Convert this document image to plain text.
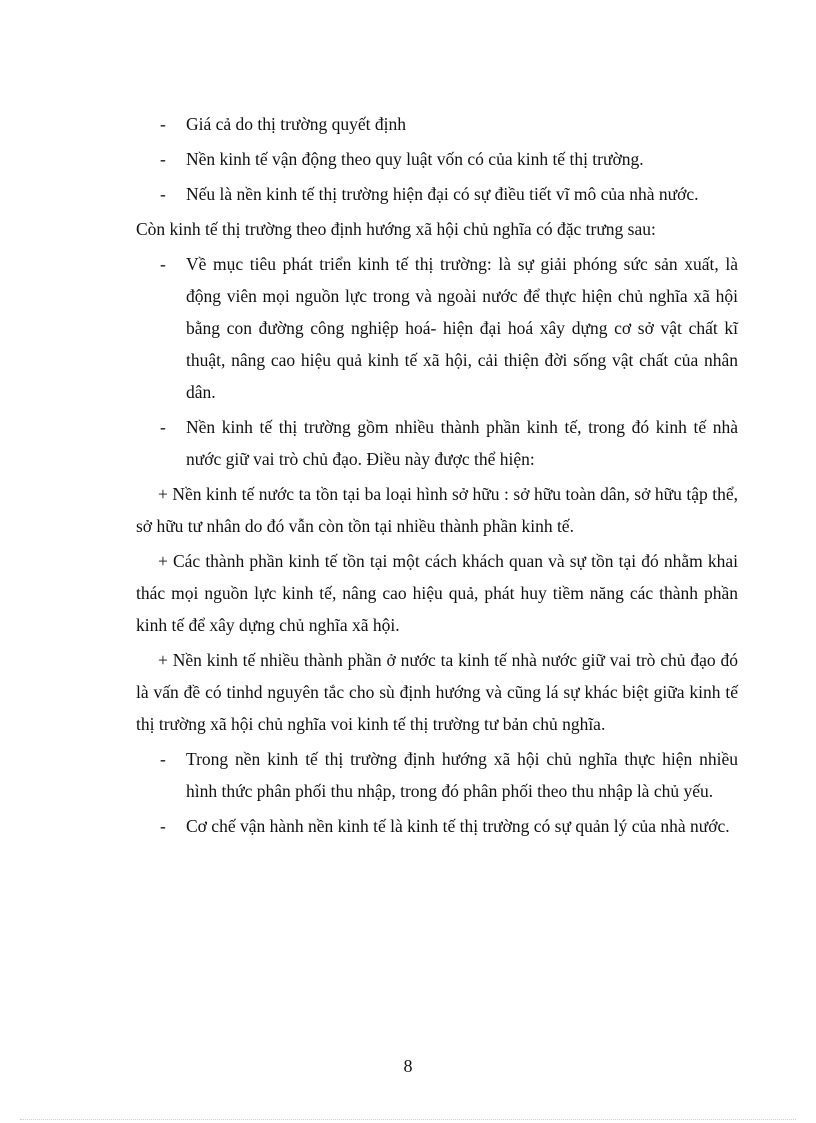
- Giá cả do thị trường quyết định
- Nền kinh tế vận động theo quy luật vốn có của kinh tế thị trường.
- Nếu là nền kinh tế thị trường hiện đại có sự điều tiết vĩ mô của nhà nước.
Còn kinh tế thị trường theo định hướng xã hội chủ nghĩa có đặc trưng sau:
- Về mục tiêu phát triển kinh tế thị trường: là sự giải phóng sức sản xuất, là động viên mọi nguồn lực trong và ngoài nước để thực hiện chủ nghĩa xã hội bằng con đường công nghiệp hoá- hiện đại hoá xây dựng cơ sở vật chất kĩ thuật, nâng cao hiệu quả kinh tế xã hội, cải thiện đời sống vật chất của nhân dân.
- Nền kinh tế thị trường gồm nhiều thành phần kinh tế, trong đó kinh tế nhà nước giữ vai trò chủ đạo. Điều này được thể hiện:
+ Nền kinh tế nước ta tồn tại ba loại hình sở hữu : sở hữu toàn dân, sở hữu tập thể, sở hữu tư nhân do đó vẫn còn tồn tại nhiều thành phần kinh tế.
+ Các thành phần kinh tế tồn tại một cách khách quan và sự tồn tại đó nhằm khai thác mọi nguồn lực kinh tế, nâng cao hiệu quả, phát huy tiềm năng các thành phần kinh tế để xây dựng chủ nghĩa xã hội.
+ Nền kinh tế nhiều thành phần ở nước ta kinh tế nhà nước giữ vai trò chủ đạo đó là vấn đề có tinhd nguyên tắc cho sù định hướng và cũng lá sự khác biệt giữa kinh tế thị trường xã hội chủ nghĩa voi kinh tế thị trường tư bản chủ nghĩa.
- Trong nền kinh tế thị trường định hướng xã hội chủ nghĩa thực hiện nhiều hình thức phân phối thu nhập, trong đó phân phối theo thu nhập là chủ yếu.
- Cơ chế vận hành nền kinh tế là kinh tế thị trường có sự quản lý của nhà nước.
8
